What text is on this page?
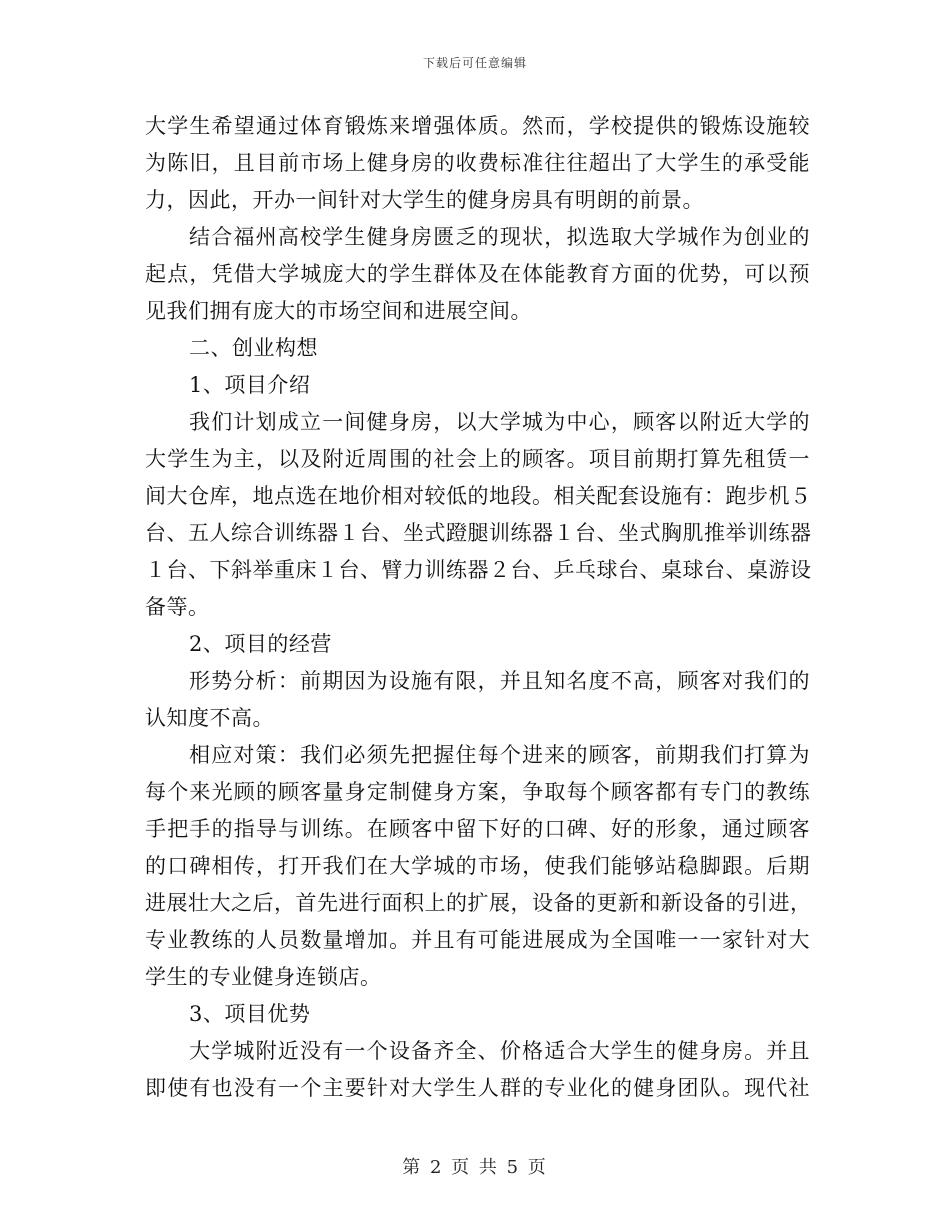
下载后可任意编辑
大学生希望通过体育锻炼来增强体质。然而，学校提供的锻炼设施较
为陈旧，且目前市场上健身房的收费标准往往超出了大学生的承受能
力，因此，开办一间针对大学生的健身房具有明朗的前景。
结合福州高校学生健身房匮乏的现状，拟选取大学城作为创业的
起点，凭借大学城庞大的学生群体及在体能教育方面的优势，可以预
见我们拥有庞大的市场空间和进展空间。
二、创业构想
1、项目介绍
我们计划成立一间健身房，以大学城为中心，顾客以附近大学的
大学生为主，以及附近周围的社会上的顾客。项目前期打算先租赁一
间大仓库，地点选在地价相对较低的地段。相关配套设施有：跑步机５
台、五人综合训练器１台、坐式蹬腿训练器１台、坐式胸肌推举训练器
１台、下斜举重床１台、臂力训练器２台、乒乓球台、桌球台、桌游设
备等。
2、项目的经营
形势分析：前期因为设施有限，并且知名度不高，顾客对我们的
认知度不高。
相应对策：我们必须先把握住每个进来的顾客，前期我们打算为
每个来光顾的顾客量身定制健身方案，争取每个顾客都有专门的教练
手把手的指导与训练。在顾客中留下好的口碑、好的形象，通过顾客
的口碑相传，打开我们在大学城的市场，使我们能够站稳脚跟。后期
进展壮大之后，首先进行面积上的扩展，设备的更新和新设备的引进，
专业教练的人员数量增加。并且有可能进展成为全国唯一一家针对大
学生的专业健身连锁店。
3、项目优势
大学城附近没有一个设备齐全、价格适合大学生的健身房。并且
即使有也没有一个主要针对大学生人群的专业化的健身团队。现代社
第 2 页 共 5 页
